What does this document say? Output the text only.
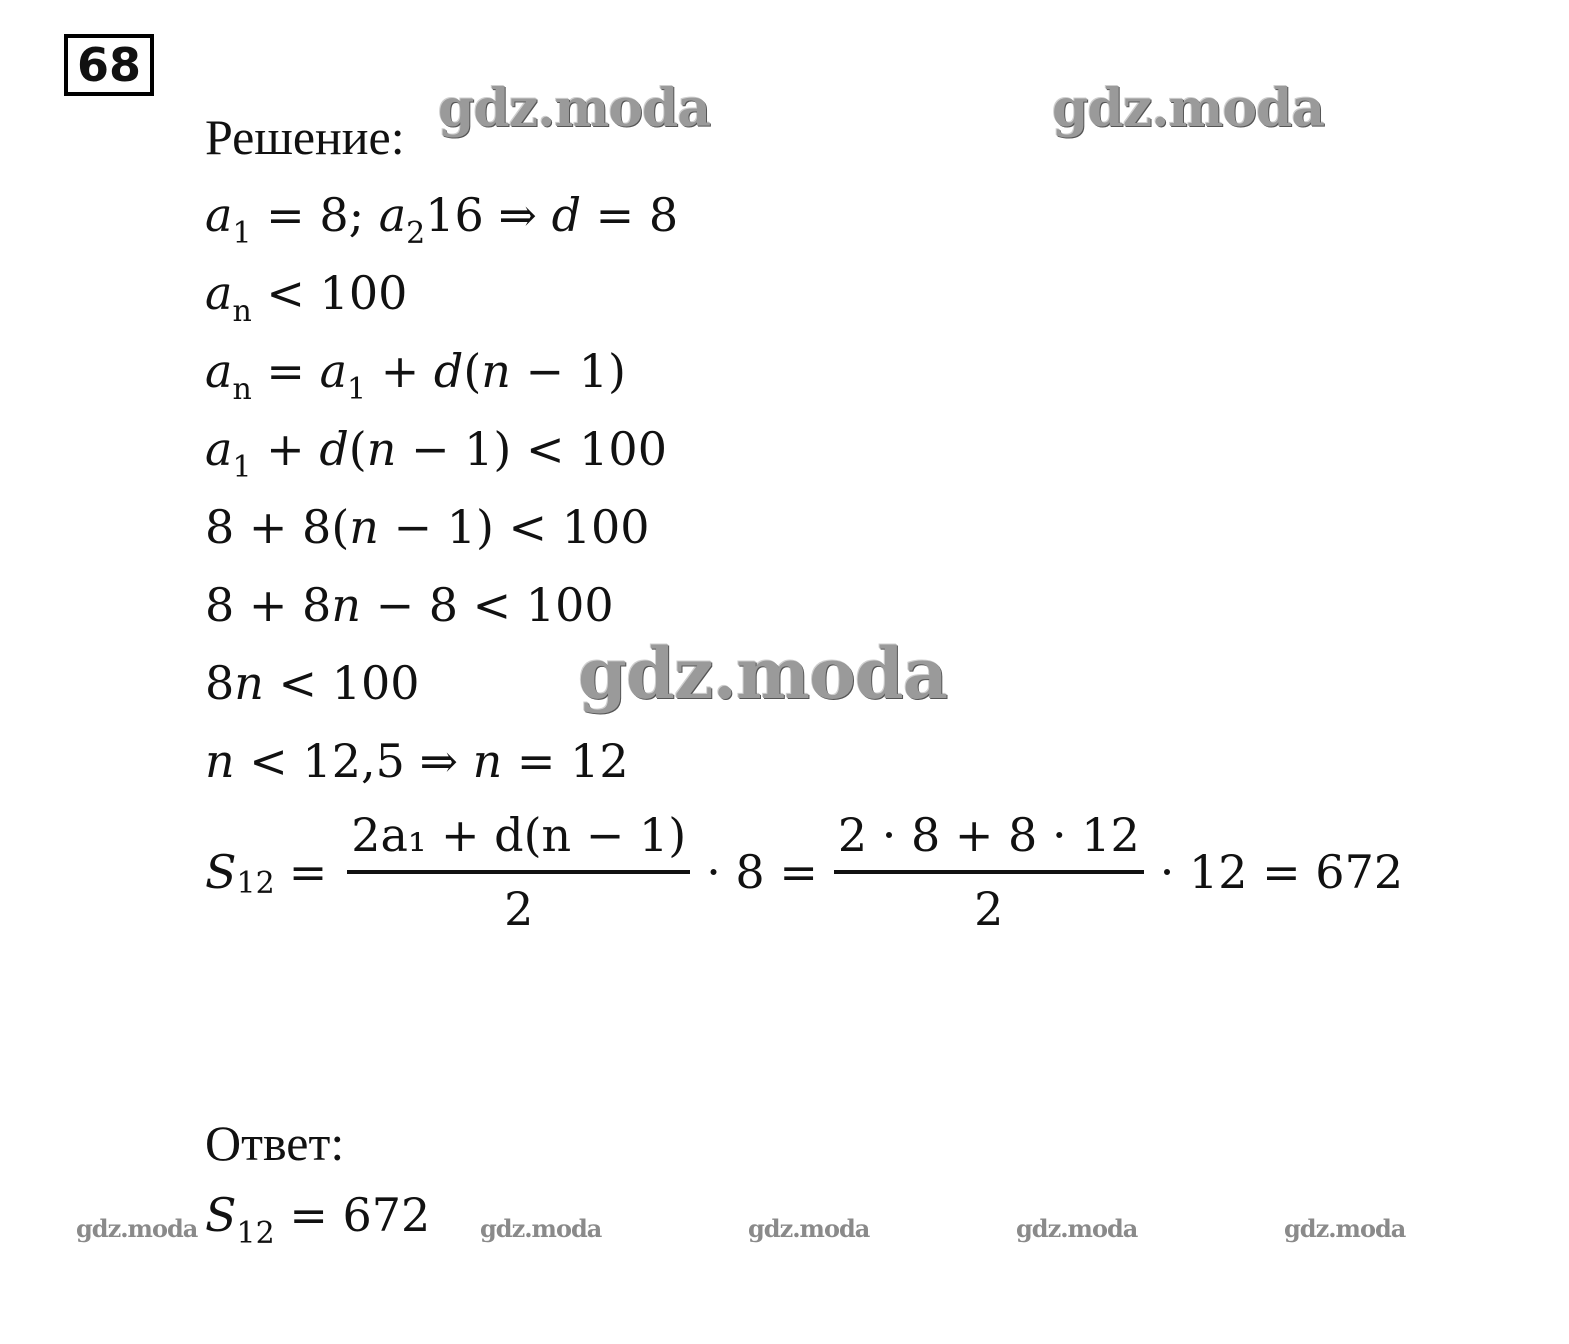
68
Решение:
$a_1 = 8$; $a_216$ ⇒ d = 8
$a_n < 100$
$a_n = a_1 + d(n - 1)$
$a_1 + d(n - 1) < 100$
8 + 8(n − 1) < 100
8 + 8n − 8 < 100
8n < 100
n < 12,5 ⇒ n = 12
S $12 = \frac{\text{2a₁ + d(n − 1)}}{2} \cdot 8 = \frac{2 \cdot 8 + 8 \cdot 12}{2} \cdot 12 = 672$
Ответ:
$S_{12} = 672$
gdz.moda	gdz.moda
gdz.moda
gdz.moda	gdz.moda	gdz.moda	gdz.moda	gdz.moda
